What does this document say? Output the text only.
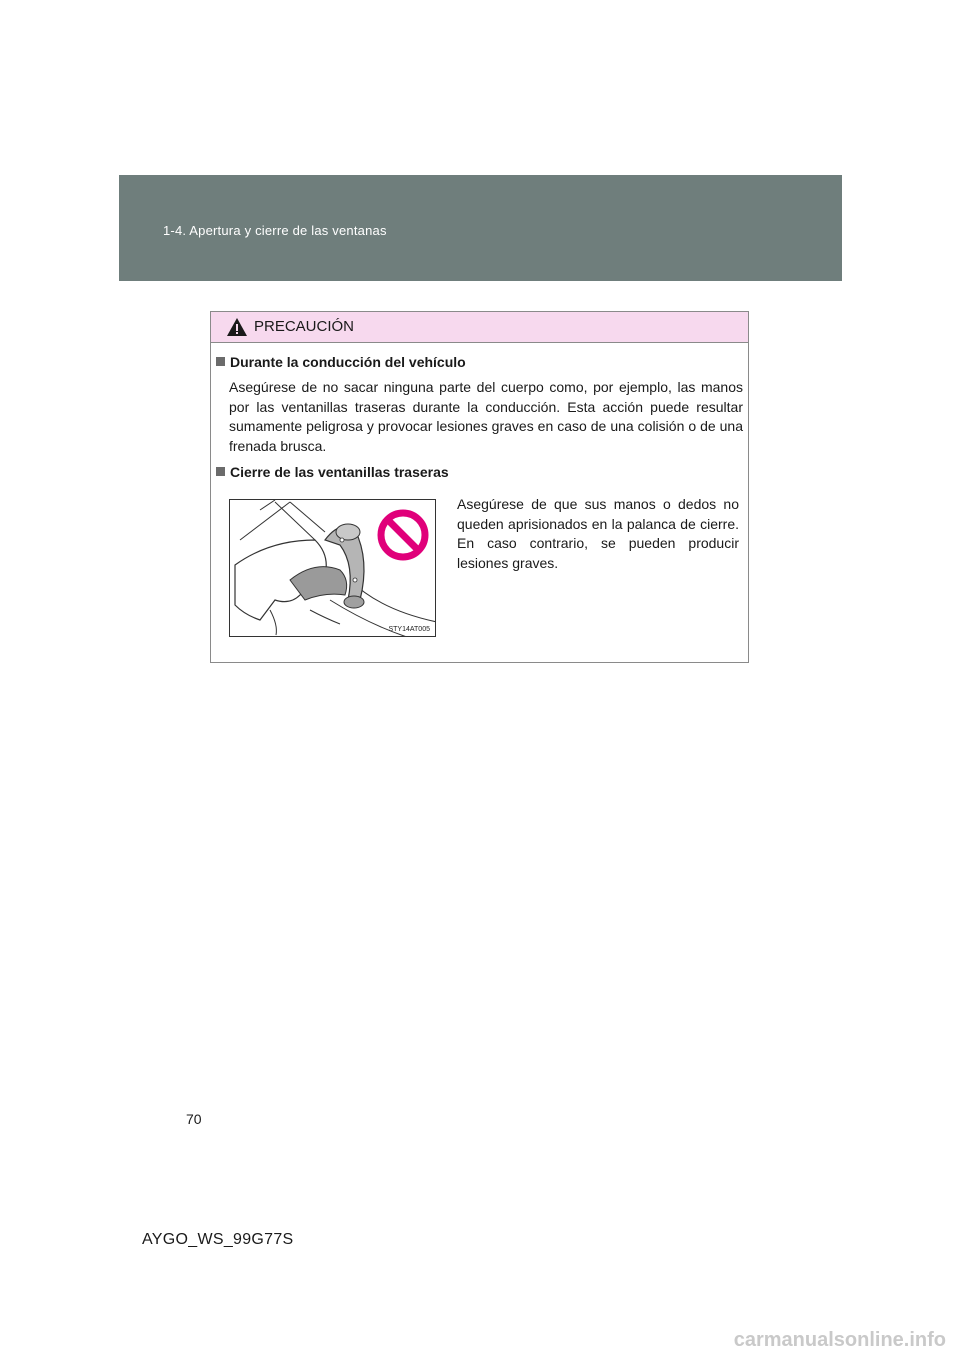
1-4. Apertura y cierre de las ventanas
PRECAUCIÓN
Durante la conducción del vehículo

Asegúrese de no sacar ninguna parte del cuerpo como, por ejemplo, las manos por las ventanillas traseras durante la conducción. Esta acción puede resultar sumamente peligrosa y provocar lesiones graves en caso de una colisión o de una frenada brusca.

Cierre de las ventanillas traseras
STY14AT005

Asegúrese de que sus manos o dedos no queden aprisionados en la palanca de cierre. En caso contrario, se pueden producir lesiones graves.

70
AYGO_WS_99G77S
carmanualsonline.info
